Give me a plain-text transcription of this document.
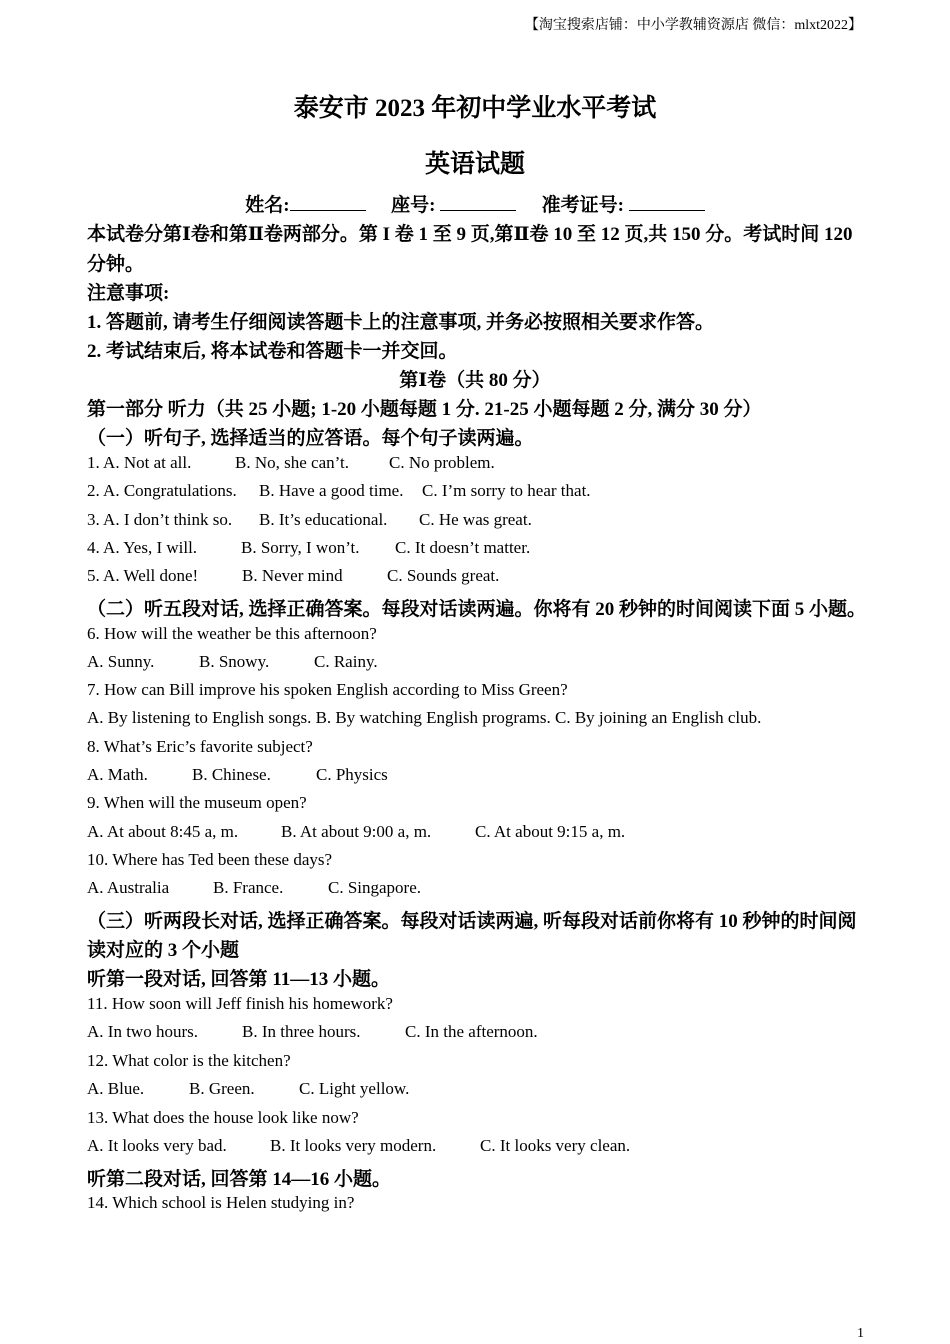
【淘宝搜索店铺：中小学教辅资源店 微信：mlxt2022】
泰安市 2023 年初中学业水平考试
英语试题
姓名:	座号:	准考证号:
本试卷分第Ⅰ卷和第Ⅱ卷两部分。第 I 卷 1 至 9 页,第Ⅱ卷 10 至 12 页,共 150 分。考试时间 120
分钟。
注意事项:
1. 答题前, 请考生仔细阅读答题卡上的注意事项, 并务必按照相关要求作答。
2. 考试结束后, 将本试卷和答题卡一并交回。
第Ⅰ卷（共 80 分）
第一部分 听力（共 25 小题; 1-20 小题每题 1 分. 21-25 小题每题 2 分, 满分 30 分）
（一）听句子, 选择适当的应答语。每个句子读两遍。
1. A. Not at all.	B. No, she can’t. C. No problem.
2. A. Congratulations. B. Have a good time. C. I’m sorry to hear that.
3. A. I don’t think so. B. It’s educational. C. He was great.
4. A. Yes, I will.	B. Sorry, I won’t. C. It doesn’t matter.
5. A. Well done!	B. Never mind	C. Sounds great.
（二）听五段对话, 选择正确答案。每段对话读两遍。你将有 20 秒钟的时间阅读下面 5 小题。
6. How will the weather be this afternoon?
A. Sunny.	B. Snowy.	C. Rainy.
7. How can Bill improve his spoken English according to Miss Green?
A. By listening to English songs. B. By watching English programs. C. By joining an English club.
8. What’s Eric’s favorite subject?
A. Math.	B. Chinese.	C. Physics
9. When will the museum open?
A. At about 8:45 a, m.	B. At about 9:00 a, m.	C. At about 9:15 a, m.
10. Where has Ted been these days?
A. Australia	B. France.	C. Singapore.
（三）听两段长对话, 选择正确答案。每段对话读两遍, 听每段对话前你将有 10 秒钟的时间阅
读对应的 3 个小题
听第一段对话, 回答第 11—13 小题。
11. How soon will Jeff finish his homework?
A. In two hours.	B. In three hours.	C. In the afternoon.
12. What color is the kitchen?
A. Blue.	B. Green.	C. Light yellow.
13. What does the house look like now?
A. It looks very bad.	B. It looks very modern.	C. It looks very clean.
听第二段对话, 回答第 14—16 小题。
14. Which school is Helen studying in?
1
